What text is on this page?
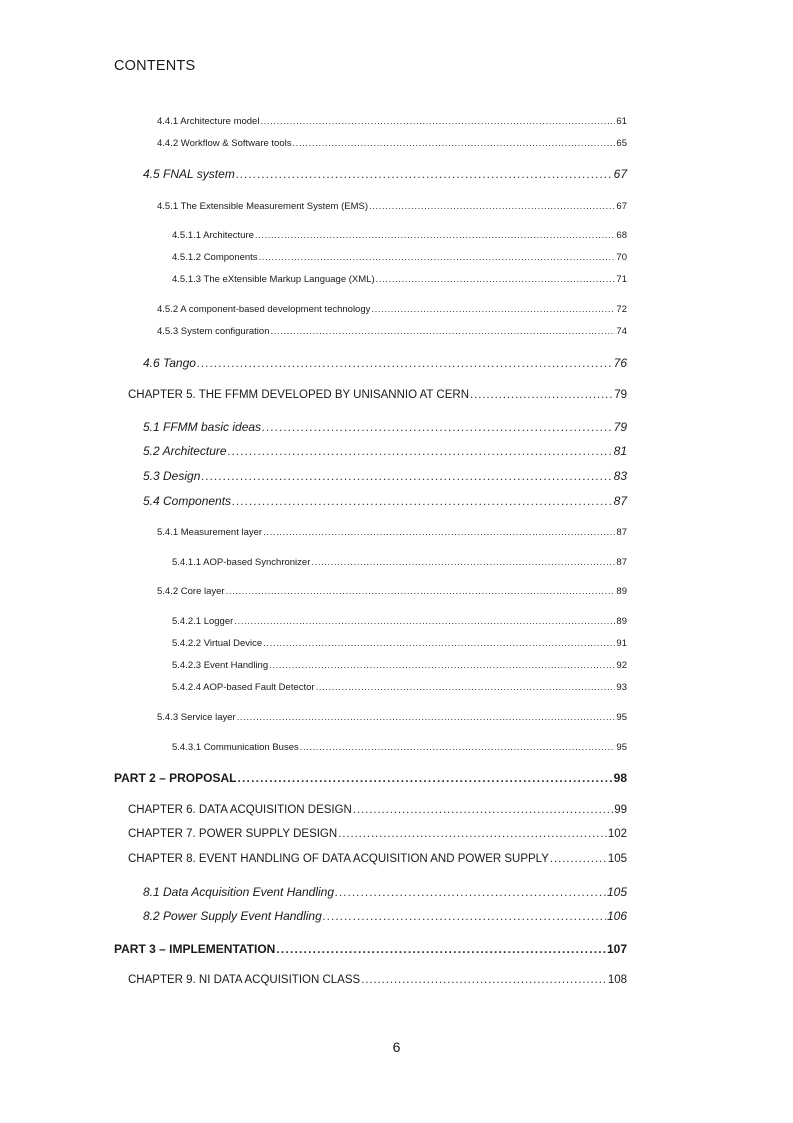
CONTENTS
4.4.1 Architecture model .....	61
4.4.2 Workflow & Software tools .....	65
4.5 FNAL system .....	67
4.5.1 The Extensible Measurement System (EMS) .....	67
4.5.1.1 Architecture .....	68
4.5.1.2 Components .....	70
4.5.1.3 The eXtensible Markup Language (XML) .....	71
4.5.2 A component-based development technology .....	72
4.5.3 System configuration .....	74
4.6 Tango .....	76
CHAPTER 5. THE FFMM DEVELOPED BY UNISANNIO AT CERN .....	79
5.1 FFMM basic ideas .....	79
5.2 Architecture .....	81
5.3 Design .....	83
5.4 Components .....	87
5.4.1 Measurement layer .....	87
5.4.1.1 AOP-based Synchronizer .....	87
5.4.2 Core layer .....	89
5.4.2.1 Logger .....	89
5.4.2.2 Virtual Device .....	91
5.4.2.3 Event Handling .....	92
5.4.2.4 AOP-based Fault Detector .....	93
5.4.3 Service layer .....	95
5.4.3.1 Communication Buses .....	95
PART 2 – PROPOSAL .....	98
CHAPTER 6. DATA ACQUISITION DESIGN .....	99
CHAPTER 7. POWER SUPPLY DESIGN .....	102
CHAPTER 8. EVENT HANDLING OF DATA ACQUISITION AND POWER SUPPLY .....	105
8.1 Data Acquisition Event Handling .....	105
8.2 Power Supply Event Handling .....	106
PART 3 – IMPLEMENTATION .....	107
CHAPTER 9. NI DATA ACQUISITION CLASS .....	108
6
